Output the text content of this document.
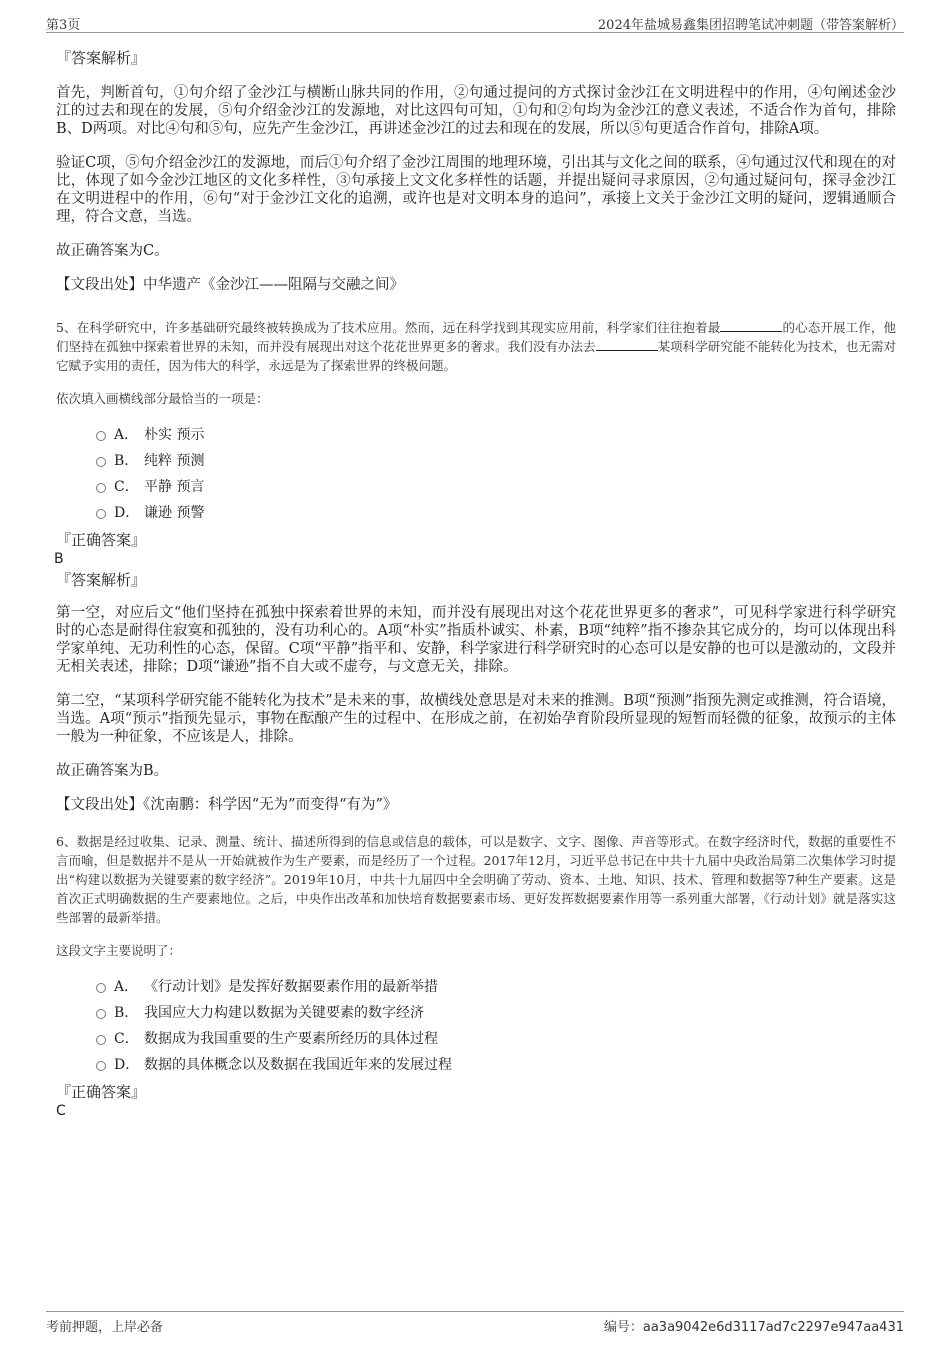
第3页	2024年盐城易鑫集团招聘笔试冲刺题（带答案解析）

『答案解析』

首先，判断首句，①句介绍了金沙江与横断山脉共同的作用，②句通过提问的方式探讨金沙江在文明进程中的作用，④句阐述金沙江的过去和现在的发展，⑤句介绍金沙江的发源地，对比这四句可知，①句和②句均为金沙江的意义表述，不适合作为首句，排除B、D两项。对比④句和⑤句，应先产生金沙江，再讲述金沙江的过去和现在的发展，所以⑤句更适合作首句，排除A项。

验证C项，⑤句介绍金沙江的发源地，而后①句介绍了金沙江周围的地理环境，引出其与文化之间的联系，④句通过汉代和现在的对比，体现了如今金沙江地区的文化多样性，③句承接上文文化多样性的话题，并提出疑问寻求原因，②句通过疑问句，探寻金沙江在文明进程中的作用，⑥句“对于金沙江文化的追溯，或许也是对文明本身的追问”，承接上文关于金沙江文明的疑问，逻辑通顺合理，符合文意，当选。

故正确答案为C。

【文段出处】中华遗产《金沙江——阻隔与交融之间》

5、在科学研究中，许多基础研究最终被转换成为了技术应用。然而，远在科学找到其现实应用前，科学家们往往抱着最	的心态开展工作，他们坚持在孤独中探索着世界的未知，而并没有展现出对这个花花世界更多的奢求。我们没有办法去	某项科学研究能不能转化为技术，也无需对它赋予实用的责任，因为伟大的科学，永远是为了探索世界的终极问题。

依次填入画横线部分最恰当的一项是：

A． 朴实 预示
B． 纯粹 预测
C． 平静 预言
D． 谦逊 预警

『正确答案』

B

『答案解析』

第一空，对应后文“他们坚持在孤独中探索着世界的未知，而并没有展现出对这个花花世界更多的奢求”，可见科学家进行科学研究时的心态是耐得住寂寞和孤独的，没有功利心的。A项“朴实”指质朴诚实、朴素，B项“纯粹”指不掺杂其它成分的，均可以体现出科学家单纯、无功利性的心态，保留。C项“平静”指平和、安静，科学家进行科学研究时的心态可以是安静的也可以是激动的，文段并无相关表述，排除；D项“谦逊”指不自大或不虚夸，与文意无关，排除。

第二空，“某项科学研究能不能转化为技术”是未来的事，故横线处意思是对未来的推测。B项“预测”指预先测定或推测，符合语境，当选。A项“预示”指预先显示，事物在酝酿产生的过程中、在形成之前，在初始孕育阶段所显现的短暂而轻微的征象，故预示的主体一般为一种征象，不应该是人，排除。

故正确答案为B。

【文段出处】《沈南鹏：科学因“无为”而变得“有为”》

6、数据是经过收集、记录、测量、统计、描述所得到的信息或信息的载体，可以是数字、文字、图像、声音等形式。在数字经济时代，数据的重要性不言而喻，但是数据并不是从一开始就被作为生产要素，而是经历了一个过程。2017年12月，习近平总书记在中共十九届中央政治局第二次集体学习时提出“构建以数据为关键要素的数字经济”。2019年10月，中共十九届四中全会明确了劳动、资本、土地、知识、技术、管理和数据等7种生产要素。这是首次正式明确数据的生产要素地位。之后，中央作出改革和加快培育数据要素市场、更好发挥数据要素作用等一系列重大部署，《行动计划》就是落实这些部署的最新举措。

这段文字主要说明了：

A． 《行动计划》是发挥好数据要素作用的最新举措
B． 我国应大力构建以数据为关键要素的数字经济
C． 数据成为我国重要的生产要素所经历的具体过程
D． 数据的具体概念以及数据在我国近年来的发展过程

『正确答案』

C

考前押题，上岸必备	编号：aa3a9042e6d3117ad7c2297e947aa431
